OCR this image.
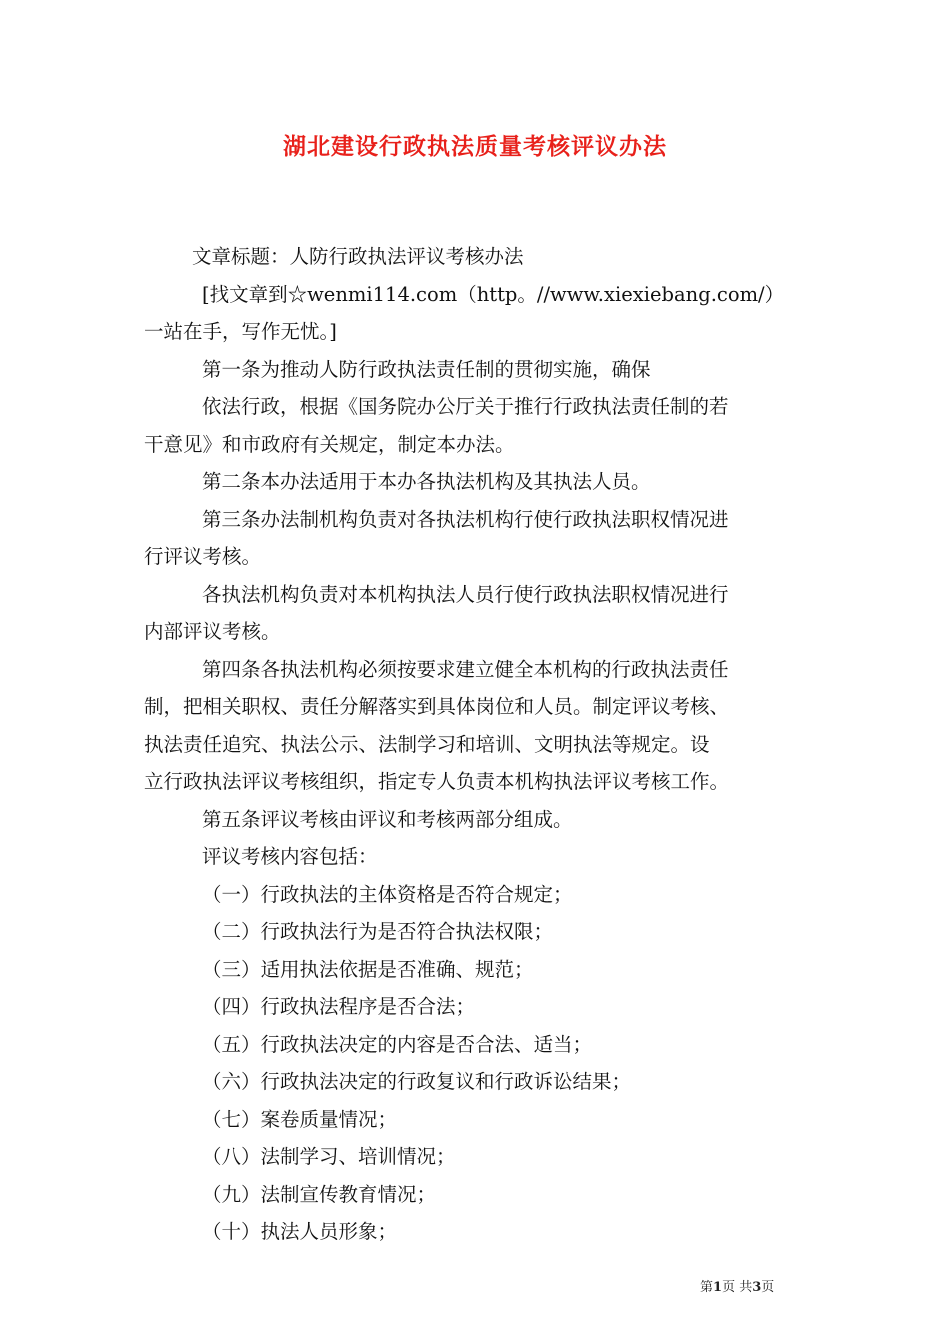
湖北建设行政执法质量考核评议办法

文章标题：人防行政执法评议考核办法

[找文章到☆wenmi114.com（http。//www.xiexiebang.com/）

一站在手，写作无忧。]

第一条为推动人防行政执法责任制的贯彻实施，确保

依法行政，根据《国务院办公厅关于推行行政执法责任制的若

干意见》和市政府有关规定，制定本办法。

第二条本办法适用于本办各执法机构及其执法人员。

第三条办法制机构负责对各执法机构行使行政执法职权情况进

行评议考核。

各执法机构负责对本机构执法人员行使行政执法职权情况进行

内部评议考核。

第四条各执法机构必须按要求建立健全本机构的行政执法责任

制，把相关职权、责任分解落实到具体岗位和人员。制定评议考核、

执法责任追究、执法公示、法制学习和培训、文明执法等规定。设

立行政执法评议考核组织，指定专人负责本机构执法评议考核工作。

第五条评议考核由评议和考核两部分组成。

评议考核内容包括：

（一）行政执法的主体资格是否符合规定；

（二）行政执法行为是否符合执法权限；

（三）适用执法依据是否准确、规范；

（四）行政执法程序是否合法；

（五）行政执法决定的内容是否合法、适当；

（六）行政执法决定的行政复议和行政诉讼结果；

（七）案卷质量情况；

（八）法制学习、培训情况；

（九）法制宣传教育情况；

（十）执法人员形象；

第1页 共3页
